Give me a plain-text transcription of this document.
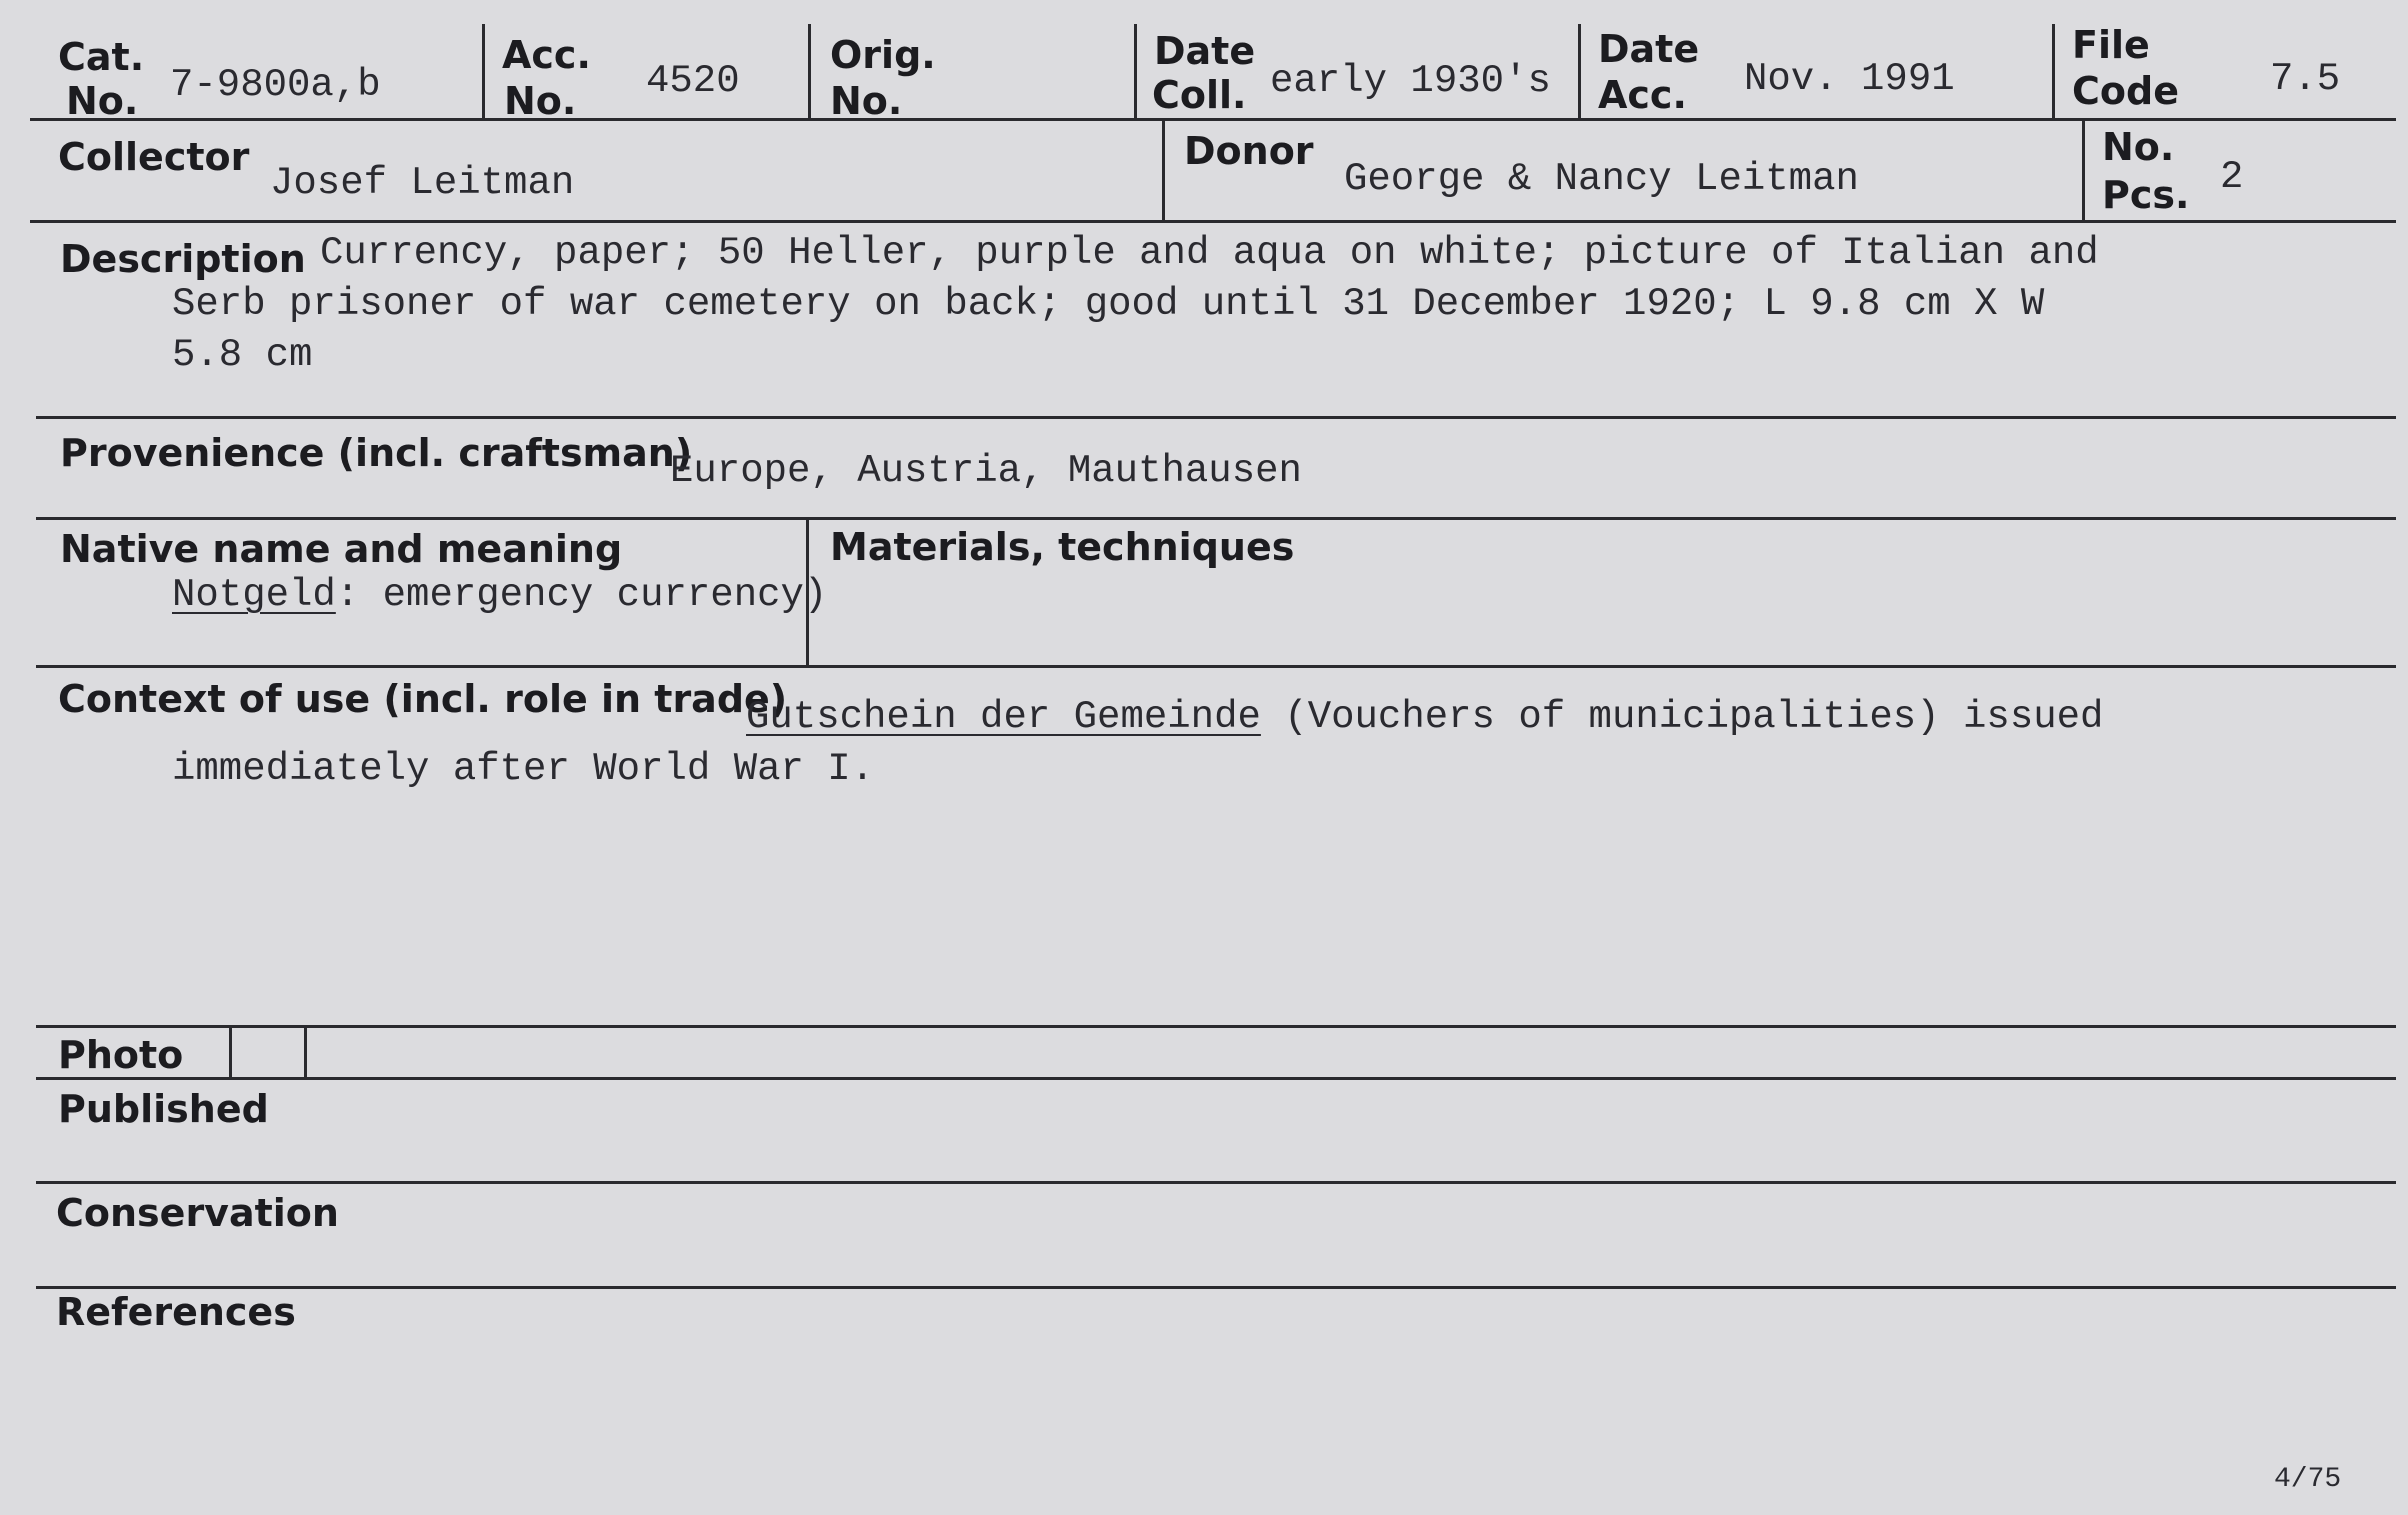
Cat.
No. 7-9800a,b
Acc.
No. 4520
Orig.
No.
Date
Coll. early 1930's
Date
Acc. Nov. 1991
File
Code 7.5
Collector
Josef Leitman
Donor
George & Nancy Leitman
No.
Pcs. 2
Description Currency, paper; 50 Heller, purple and aqua on white; picture of Italian and
Serb prisoner of war cemetery on back; good until 31 December 1920; L 9.8 cm X W
5.8 cm
Provenience (incl. craftsman)
Europe, Austria, Mauthausen
Native name and meaning
Notgeld: emergency currency)
Materials, techniques
Context of use (incl. role in trade)
Gutschein der Gemeinde (Vouchers of municipalities) issued
immediately after World War I.
Photo
Published
Conservation
References
4/75
